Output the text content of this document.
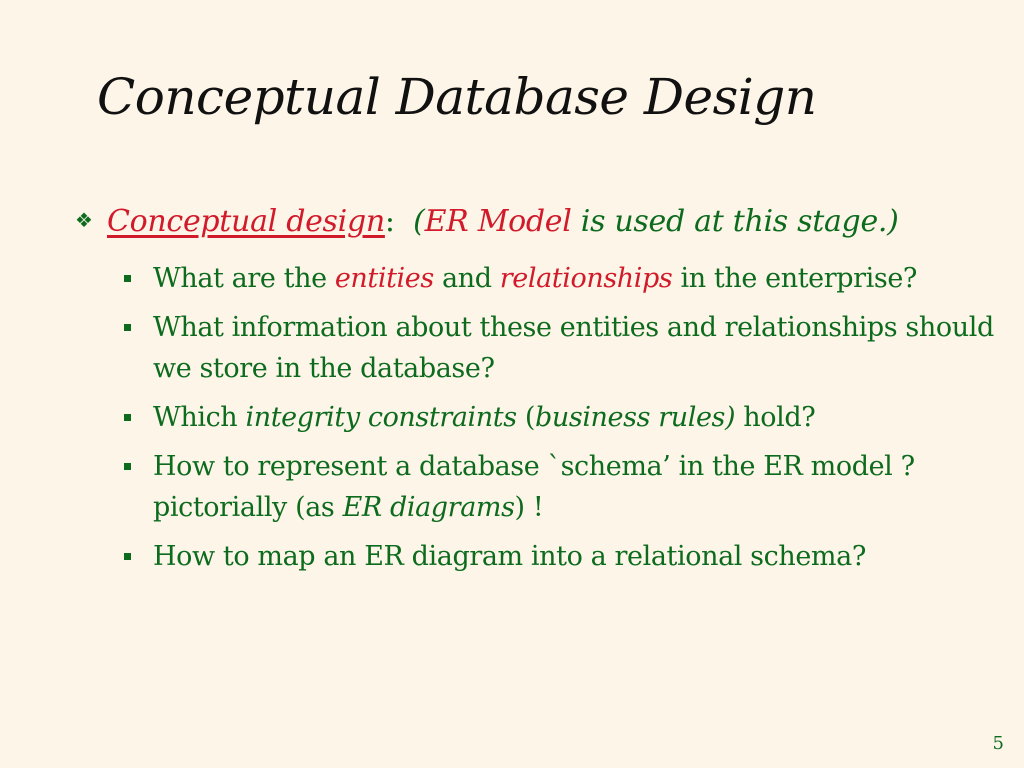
Conceptual Database Design
❖ Conceptual design: (ER Model is used at this stage.)
What are the entities and relationships in the enterprise?
What information about these entities and relationships should we store in the database?
Which integrity constraints (business rules) hold?
How to represent a database `schema’ in the ER model ? pictorially (as ER diagrams) !
How to map an ER diagram into a relational schema?
5
